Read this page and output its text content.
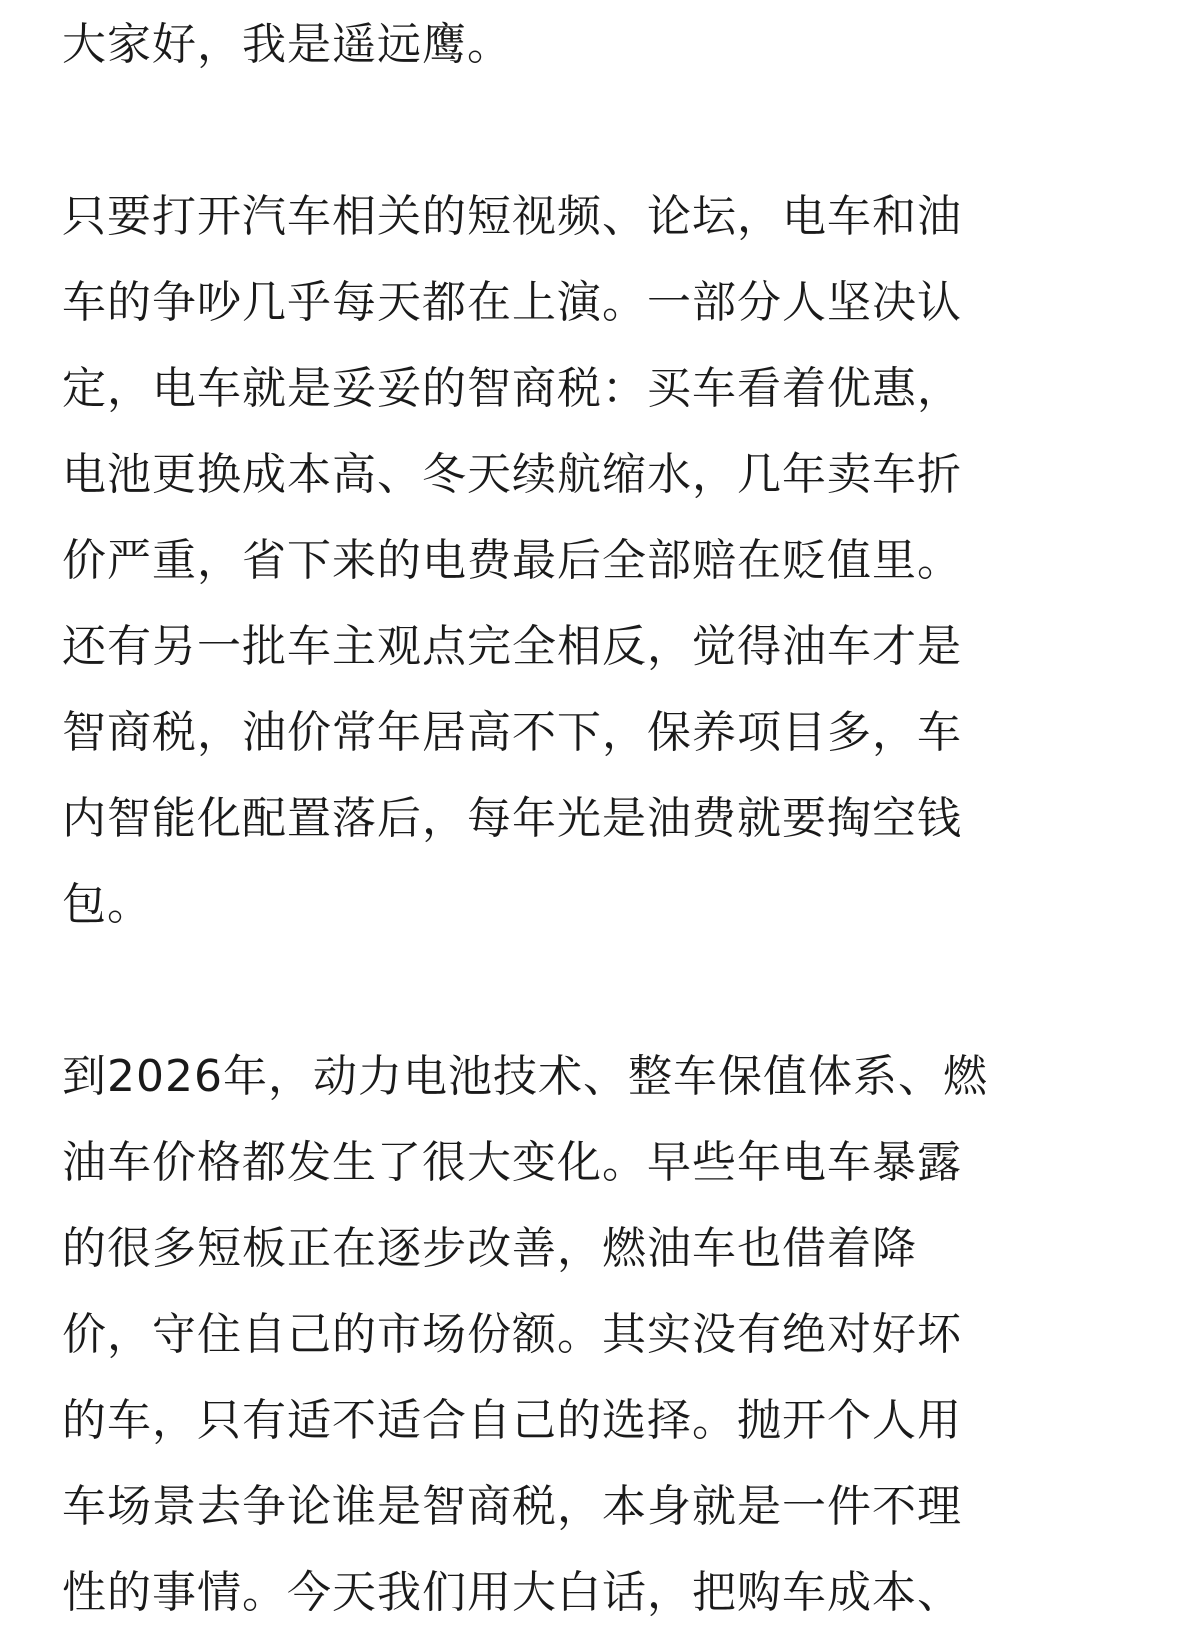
大家好，我是遥远鹰。
只要打开汽车相关的短视频、论坛，电车和油
车的争吵几乎每天都在上演。一部分人坚决认
定，电车就是妥妥的智商税：买车看着优惠，
电池更换成本高、冬天续航缩水，几年卖车折
价严重，省下来的电费最后全部赔在贬值里。
还有另一批车主观点完全相反，觉得油车才是
智商税，油价常年居高不下，保养项目多，车
内智能化配置落后，每年光是油费就要掏空钱
包。
到2026年，动力电池技术、整车保值体系、燃
油车价格都发生了很大变化。早些年电车暴露
的很多短板正在逐步改善，燃油车也借着降
价，守住自己的市场份额。其实没有绝对好坏
的车，只有适不适合自己的选择。抛开个人用
车场景去争论谁是智商税，本身就是一件不理
性的事情。今天我们用大白话，把购车成本、
